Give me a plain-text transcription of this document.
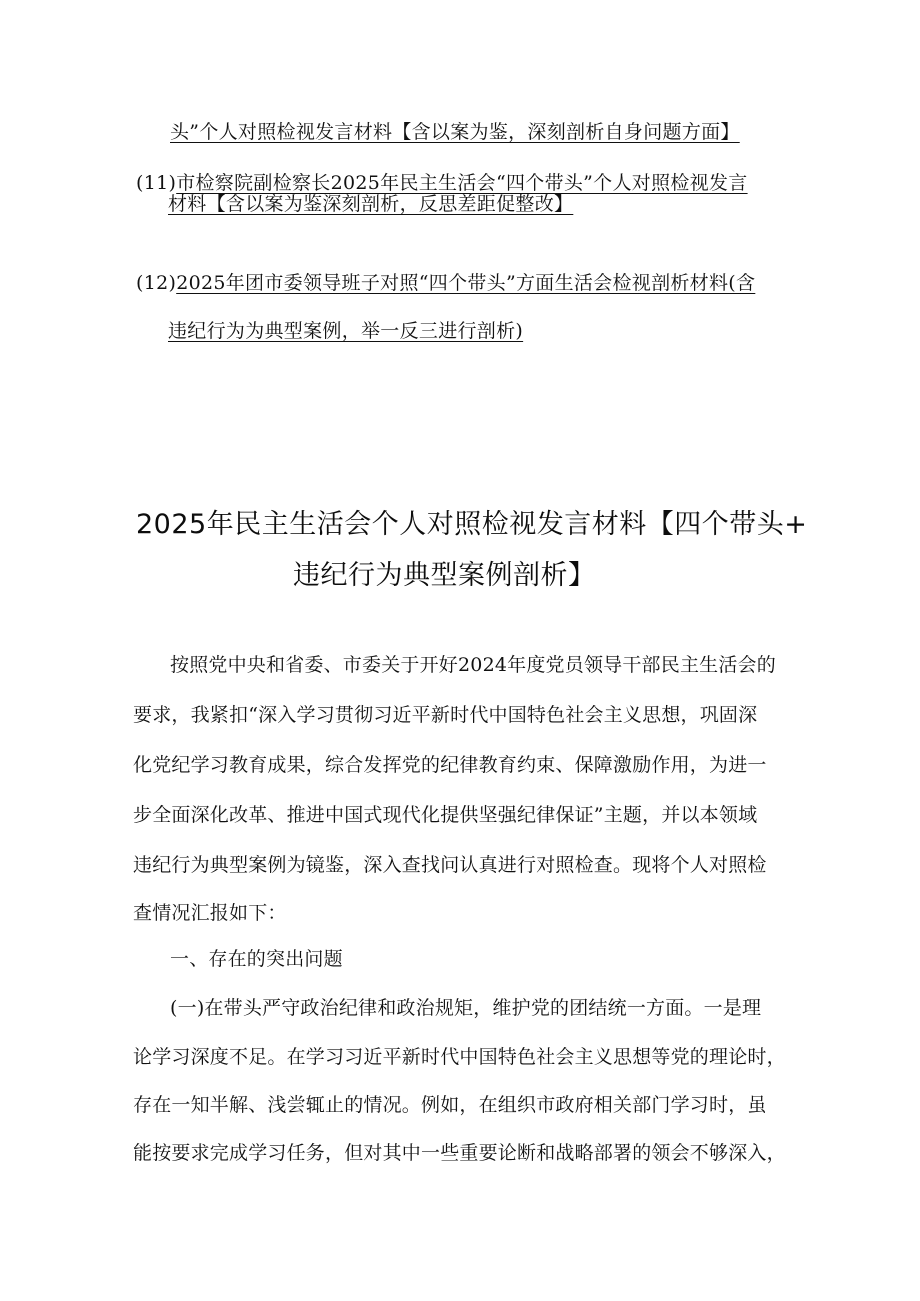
头”个人对照检视发言材料【含以案为鉴，深刻剖析自身问题方面】
(11)市检察院副检察长2025年民主生活会“四个带头”个人对照检视发言
材料【含以案为鉴深刻剖析，反思差距促整改】
(12)2025年团市委领导班子对照“四个带头”方面生活会检视剖析材料(含
违纪行为为典型案例，举一反三进行剖析)
2025年民主生活会个人对照检视发言材料【四个带头+
违纪行为典型案例剖析】
按照党中央和省委、市委关于开好2024年度党员领导干部民主生活会的
要求，我紧扣“深入学习贯彻习近平新时代中国特色社会主义思想，巩固深
化党纪学习教育成果，综合发挥党的纪律教育约束、保障激励作用，为进一
步全面深化改革、推进中国式现代化提供坚强纪律保证”主题，并以本领域
违纪行为典型案例为镜鉴，深入查找问认真进行对照检查。现将个人对照检
查情况汇报如下：
一、存在的突出问题
(一)在带头严守政治纪律和政治规矩，维护党的团结统一方面。一是理
论学习深度不足。在学习习近平新时代中国特色社会主义思想等党的理论时，
存在一知半解、浅尝辄止的情况。例如，在组织市政府相关部门学习时，虽
能按要求完成学习任务，但对其中一些重要论断和战略部署的领会不够深入，
